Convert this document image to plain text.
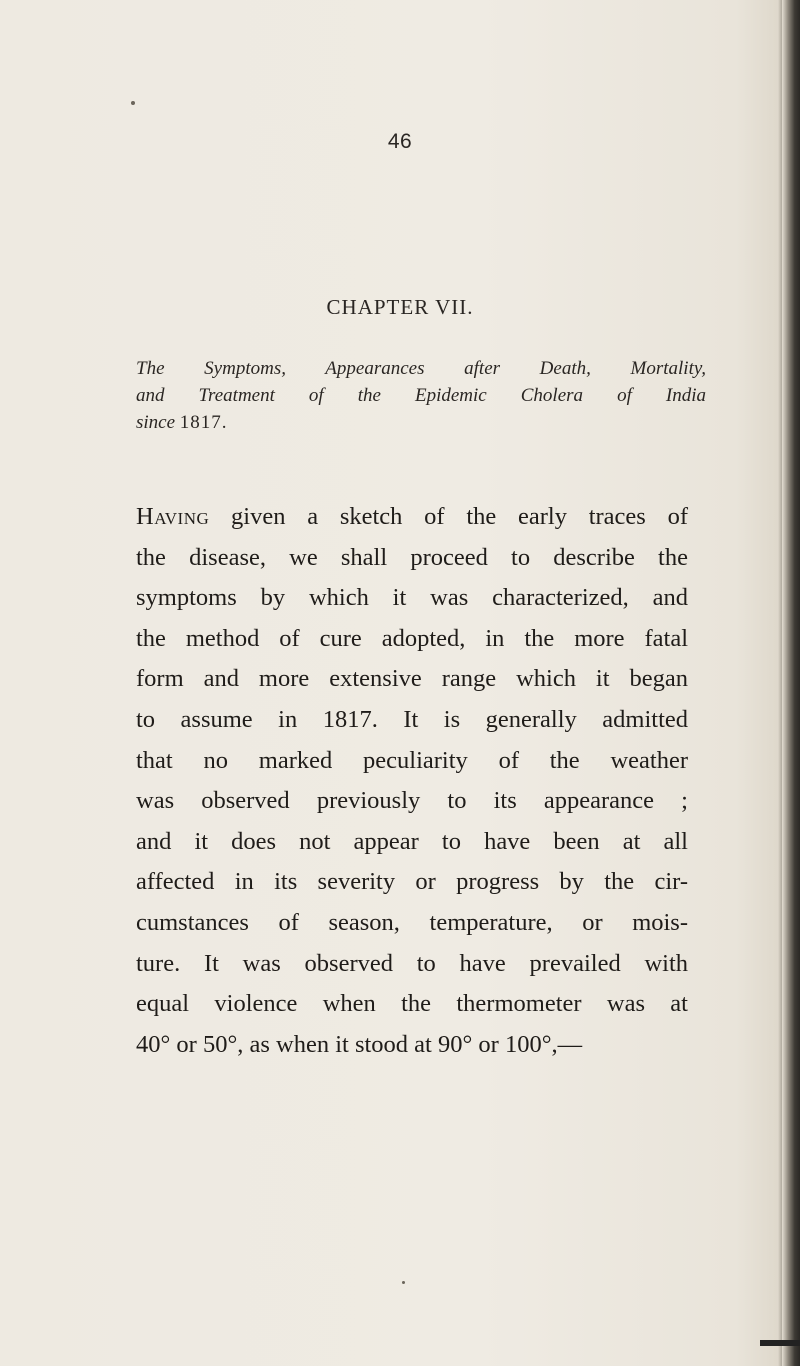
46
CHAPTER VII.
The Symptoms, Appearances after Death, Mortality,
and Treatment of the Epidemic Cholera of India
since 1817.
Having given a sketch of the early traces of
the disease, we shall proceed to describe the
symptoms by which it was characterized, and
the method of cure adopted, in the more fatal
form and more extensive range which it began
to assume in 1817. It is generally admitted
that no marked peculiarity of the weather
was observed previously to its appearance ;
and it does not appear to have been at all
affected in its severity or progress by the cir-
cumstances of season, temperature, or mois-
ture. It was observed to have prevailed with
equal violence when the thermometer was at
40° or 50°, as when it stood at 90° or 100°,—
